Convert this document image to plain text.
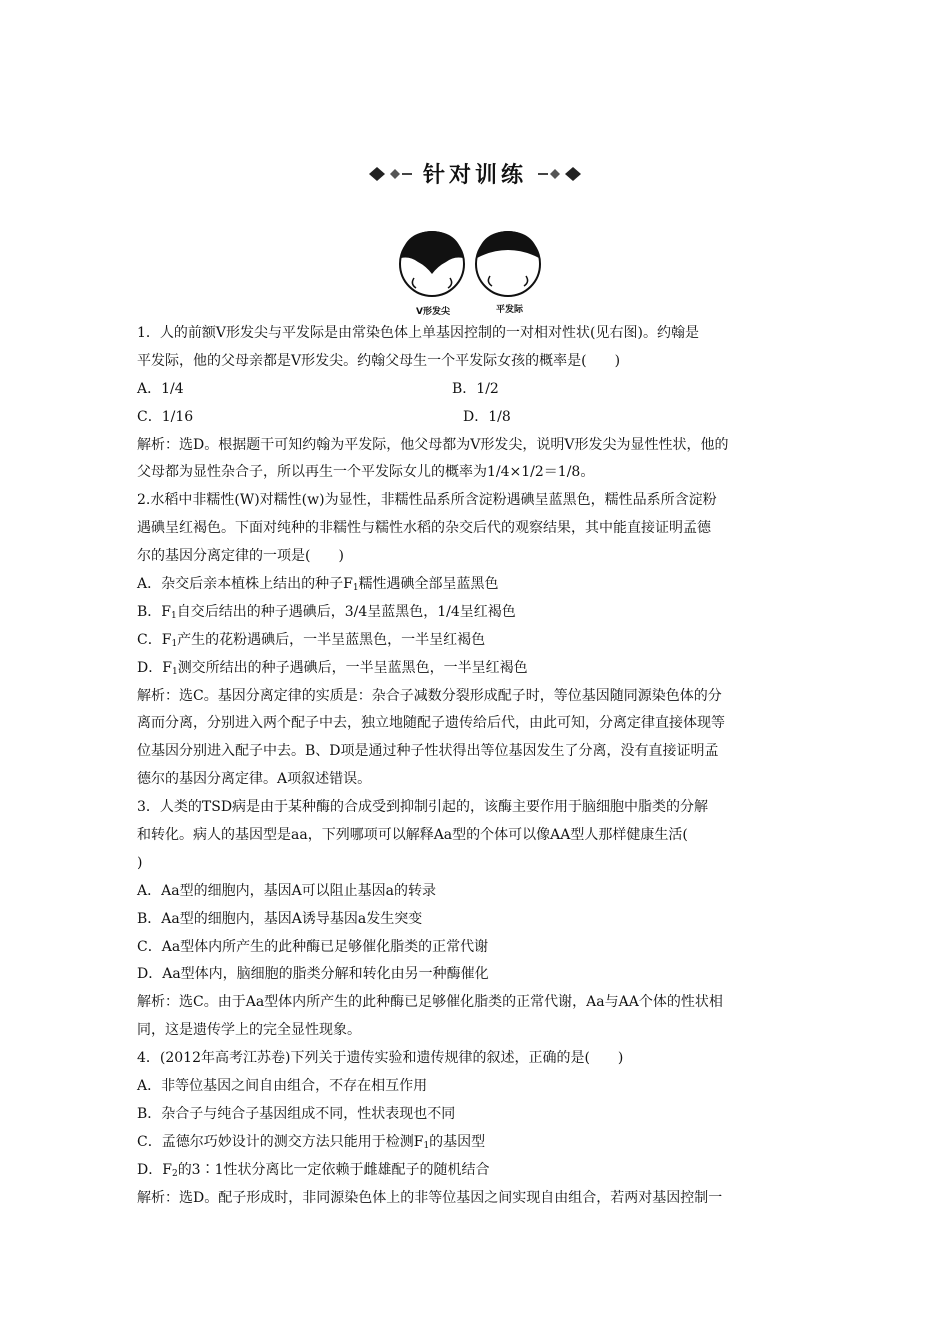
针对训练
V形发尖	平发际
1．人的前额V形发尖与平发际是由常染色体上单基因控制的一对相对性状(见右图)。约翰是
平发际，他的父母亲都是V形发尖。约翰父母生一个平发际女孩的概率是(　　)
A．1/4	B．1/2
C．1/16	D．1/8
解析：选D。根据题干可知约翰为平发际，他父母都为V形发尖，说明V形发尖为显性性状，他的
父母都为显性杂合子，所以再生一个平发际女儿的概率为1/4×1/2＝1/8。
2.水稻中非糯性(W)对糯性(w)为显性，非糯性品系所含淀粉遇碘呈蓝黑色，糯性品系所含淀粉
遇碘呈红褐色。下面对纯种的非糯性与糯性水稻的杂交后代的观察结果，其中能直接证明孟德
尔的基因分离定律的一项是(　　)
A．杂交后亲本植株上结出的种子$F_1$糯性遇碘全部呈蓝黑色
B．$F_1$自交后结出的种子遇碘后，3/4呈蓝黑色，1/4呈红褐色
C．$F_1$产生的花粉遇碘后，一半呈蓝黑色，一半呈红褐色
D．$F_1$测交所结出的种子遇碘后，一半呈蓝黑色，一半呈红褐色
解析：选C。基因分离定律的实质是：杂合子减数分裂形成配子时，等位基因随同源染色体的分
离而分离，分别进入两个配子中去，独立地随配子遗传给后代，由此可知，分离定律直接体现等
位基因分别进入配子中去。B、D项是通过种子性状得出等位基因发生了分离，没有直接证明孟
德尔的基因分离定律。A项叙述错误。
3．人类的TSD病是由于某种酶的合成受到抑制引起的，该酶主要作用于脑细胞中脂类的分解
和转化。病人的基因型是aa，下列哪项可以解释Aa型的个体可以像AA型人那样健康生活(
)
A．Aa型的细胞内，基因A可以阻止基因a的转录
B．Aa型的细胞内，基因A诱导基因a发生突变
C．Aa型体内所产生的此种酶已足够催化脂类的正常代谢
D．Aa型体内，脑细胞的脂类分解和转化由另一种酶催化
解析：选C。由于Aa型体内所产生的此种酶已足够催化脂类的正常代谢，Aa与AA个体的性状相
同，这是遗传学上的完全显性现象。
4．(2012年高考江苏卷)下列关于遗传实验和遗传规律的叙述，正确的是(　　)
A．非等位基因之间自由组合，不存在相互作用
B．杂合子与纯合子基因组成不同，性状表现也不同
C．孟德尔巧妙设计的测交方法只能用于检测$F_1$的基因型
D．$F_2$的3∶1性状分离比一定依赖于雌雄配子的随机结合
解析：选D。配子形成时，非同源染色体上的非等位基因之间实现自由组合，若两对基因控制一
